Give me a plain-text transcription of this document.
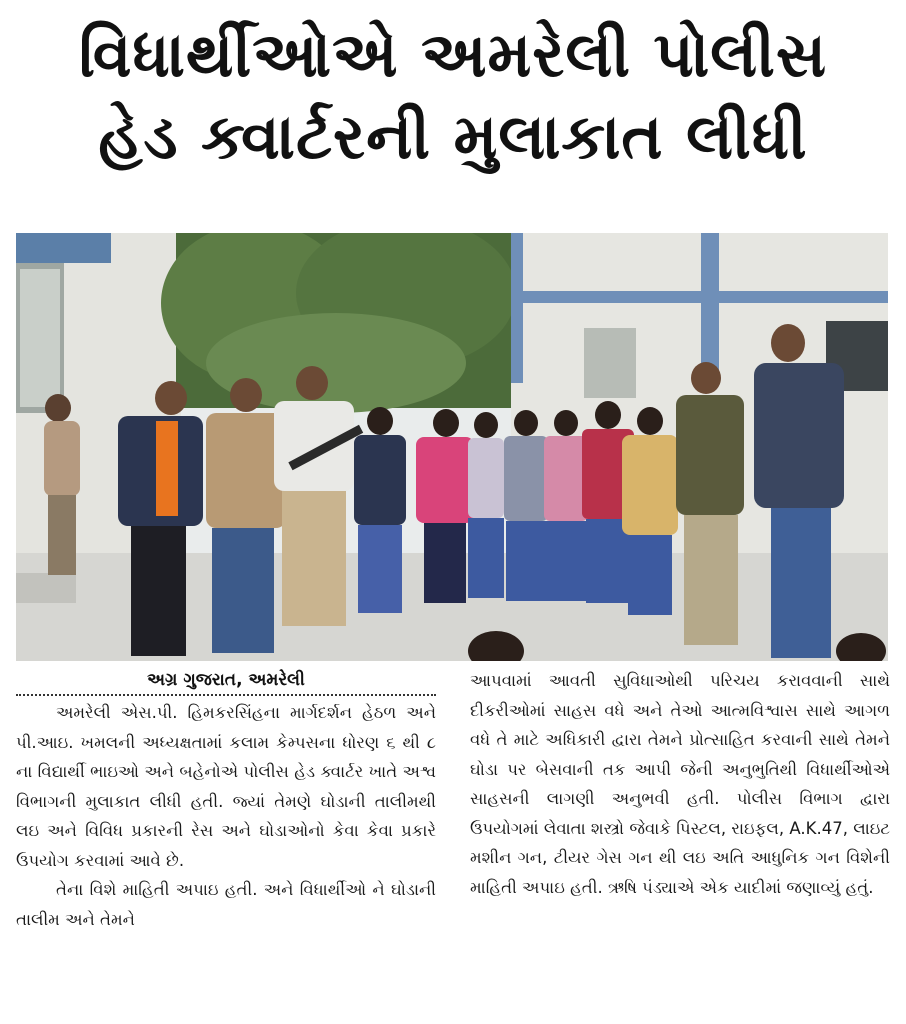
વિધાર્થીઓએ અમરેલી પોલીસ
હેડ ક્વાર્ટરની મુલાકાત લીધી
અગ્ર ગુજરાત, અમરેલી

અમરેલી એસ.પી. હિમકરસિંહના માર્ગદર્શન હેઠળ અને પી.આઇ. ખમલની અધ્યક્ષતામાં કલામ કેમ્પસના ધોરણ ૬ થી ૮ ના વિદ્યાર્થી ભાઇઓ અને બહેનોએ પોલીસ હેડ ક્વાર્ટર ખાતે અશ્વ વિભાગની મુલાકાત લીધી હતી. જ્યાં તેમણે ઘોડાની તાલીમથી લઇ અને વિવિધ પ્રકારની રેસ અને ઘોડાઓનો કેવા કેવા પ્રકારે ઉપયોગ કરવામાં આવે છે.

તેના વિશે માહિતી અપાઇ હતી. અને વિધાર્થીઓ ને ઘોડાની તાલીમ અને તેમને

આપવામાં આવતી સુવિધાઓથી પરિચય કરાવવાની સાથે દીકરીઓમાં સાહસ વધે અને તેઓ આત્મવિશ્વાસ સાથે આગળ વધે તે માટે અધિકારી દ્વારા તેમને પ્રોત્સાહિત કરવાની સાથે તેમને ઘોડા પર બેસવાની તક આપી જેની અનુભુતિથી વિધાર્થીઓએ સાહસની લાગણી અનુભવી હતી. પોલીસ વિભાગ દ્વારા ઉપયોગમાં લેવાતા શસ્ત્રો જેવાકે પિસ્ટલ, રાઇફલ, A.K.47, લાઇટ મશીન ગન, ટીયર ગેસ ગન થી લઇ અતિ આધુનિક ગન વિશેની માહિતી અપાઇ હતી. ઋષિ પંડ્યાએ એક યાદીમાં જણાવ્યું હતું.
